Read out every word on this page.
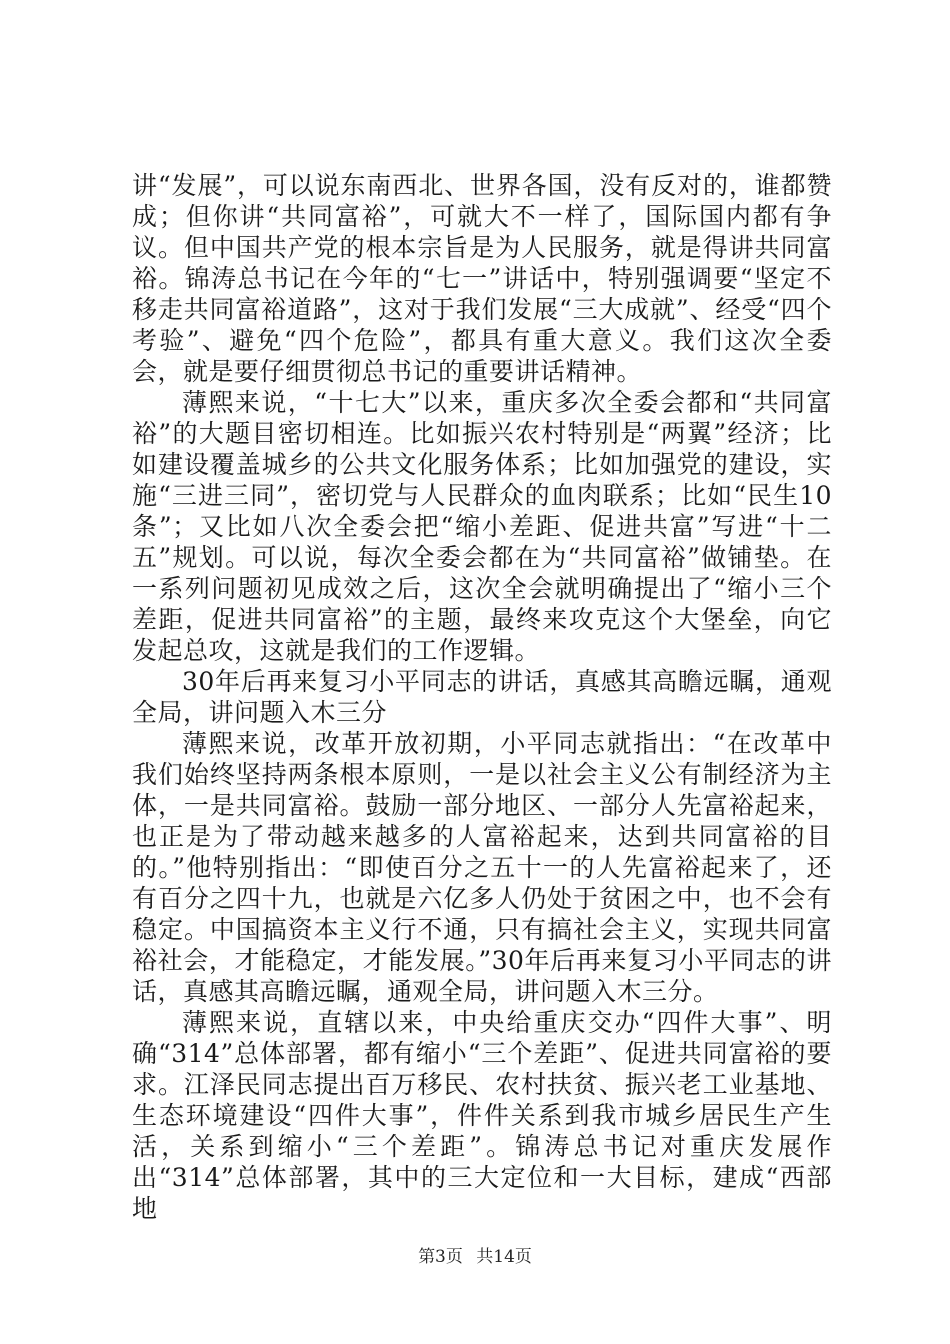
讲“发展”，可以说东南西北、世界各国，没有反对的，谁都赞成；但你讲“共同富裕”，可就大不一样了，国际国内都有争议。但中国共产党的根本宗旨是为人民服务，就是得讲共同富裕。锦涛总书记在今年的“七一”讲话中，特别强调要“坚定不移走共同富裕道路”，这对于我们发展“三大成就”、经受“四个考验”、避免“四个危险”，都具有重大意义。我们这次全委会，就是要仔细贯彻总书记的重要讲话精神。

薄熙来说，“十七大”以来，重庆多次全委会都和“共同富裕”的大题目密切相连。比如振兴农村特别是“两翼”经济；比如建设覆盖城乡的公共文化服务体系；比如加强党的建设，实施“三进三同”，密切党与人民群众的血肉联系；比如“民生10条”；又比如八次全委会把“缩小差距、促进共富”写进“十二五”规划。可以说，每次全委会都在为“共同富裕”做铺垫。在一系列问题初见成效之后，这次全会就明确提出了“缩小三个差距，促进共同富裕”的主题，最终来攻克这个大堡垒，向它发起总攻，这就是我们的工作逻辑。

30年后再来复习小平同志的讲话，真感其高瞻远瞩，通观全局，讲问题入木三分

薄熙来说，改革开放初期，小平同志就指出：“在改革中我们始终坚持两条根本原则，一是以社会主义公有制经济为主体，一是共同富裕。鼓励一部分地区、一部分人先富裕起来，也正是为了带动越来越多的人富裕起来，达到共同富裕的目的。”他特别指出：“即使百分之五十一的人先富裕起来了，还有百分之四十九，也就是六亿多人仍处于贫困之中，也不会有稳定。中国搞资本主义行不通，只有搞社会主义，实现共同富裕社会，才能稳定，才能发展。”30年后再来复习小平同志的讲话，真感其高瞻远瞩，通观全局，讲问题入木三分。

薄熙来说，直辖以来，中央给重庆交办“四件大事”、明确“314”总体部署，都有缩小“三个差距”、促进共同富裕的要求。江泽民同志提出百万移民、农村扶贫、振兴老工业基地、生态环境建设“四件大事”，件件关系到我市城乡居民生产生活，关系到缩小“三个差距”。锦涛总书记对重庆发展作出“314”总体部署，其中的三大定位和一大目标，建成“西部地

第3页 共14页
